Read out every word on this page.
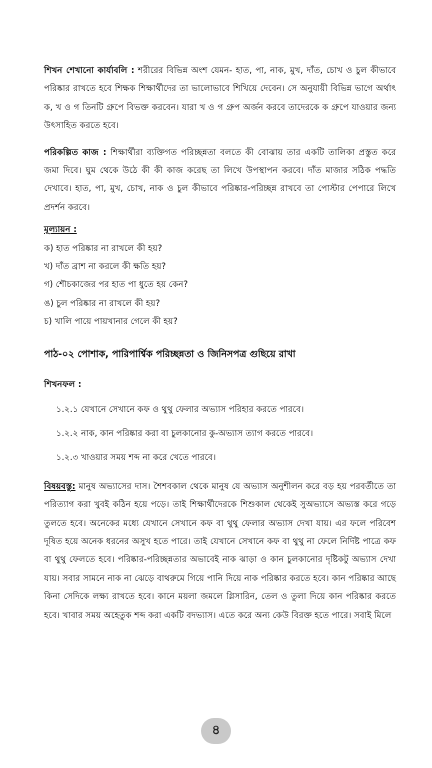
শিখন শেখানো কার্যাবলি : শরীরের বিভিন্ন অংশ যেমন- হাত, পা, নাক, মুখ, দাঁত, চোখ ও চুল কীভাবে পরিষ্কার রাখতে হবে শিক্ষক শিক্ষার্থীদের তা ভালোভাবে শিখিয়ে দেবেন। সে অনুযায়ী বিভিন্ন ভাগে অর্থাৎ ক, খ ও গ তিনটি গ্রুপে বিভক্ত করবেন। যারা খ ও গ গ্রুপ অর্জন করবে তাদেরকে ক গ্রুপে যাওয়ার জন্য উৎসাহিত করতে হবে।

পরিকল্পিত কাজ : শিক্ষার্থীরা ব্যক্তিগত পরিচ্ছন্নতা বলতে কী বোঝায় তার একটি তালিকা প্রস্তুত করে জমা দিবে। ঘুম থেকে উঠে কী কী কাজ করেছ তা লিখে উপস্থাপন করবে। দাঁত মাজার সঠিক পদ্ধতি দেখাবে। হাত, পা, মুখ, চোখ, নাক ও চুল কীভাবে পরিষ্কার-পরিচ্ছন্ন রাখবে তা পোস্টার পেপারে লিখে প্রদর্শন করবে।

মূল্যায়ন :
ক) হাত পরিষ্কার না রাখলে কী হয়?
খ) দাঁত ব্রাশ না করলে কী ক্ষতি হয়?
গ) শৌচকাজের পর হাত পা ধুতে হয় কেন?
ঙ) চুল পরিষ্কার না রাখলে কী হয়?
চ) খালি পায়ে পায়খানার গেলে কী হয়?
পাঠ-০২ পোশাক, পারিপার্শ্বিক পরিচ্ছন্নতা ও জিনিসপত্র গুছিয়ে রাখা
শিখনফল :
১.২.১ যেখানে সেখানে কফ ও থুথু ফেলার অভ্যাস পরিহার করতে পারবে।
১.২.২ নাক, কান পরিষ্কার করা বা চুলকানোর কু-অভ্যাস ত্যাগ করতে পারবে।
১.২.৩ খাওয়ার সময় শব্দ না করে খেতে পারবে।

বিষয়বস্তু: মানুষ অভ্যাসের দাস। শৈশবকাল থেকে মানুষ যে অভ্যাস অনুশীলন করে বড় হয় পরবর্তীতে তা পরিত্যাগ করা খুবই কঠিন হয়ে পড়ে। তাই শিক্ষার্থীদেরকে শিশুকাল থেকেই সুঅভ্যাসে অভ্যস্ত করে গড়ে তুলতে হবে। অনেকের মধ্যে যেখানে সেখানে কফ বা থুথু ফেলার অভ্যাস দেখা যায়। এর ফলে পরিবেশ দূষিত হয়ে অনেক ধরনের অসুখ হতে পারে। তাই যেখানে সেখানে কফ বা থুথু না ফেলে নির্দিষ্ট পাত্রে কফ বা থুথু ফেলতে হবে। পরিষ্কার-পরিচ্ছন্নতার অভাবেই নাক ঝাড়া ও কান চুলকানোর দৃষ্টিকটু অভ্যাস দেখা যায়। সবার সামনে নাক না ঝেড়ে বাথরুমে গিয়ে পানি দিয়ে নাক পরিষ্কার করতে হবে। কান পরিষ্কার আছে কিনা সেদিকে লক্ষ্য রাখতে হবে। কানে ময়লা জমলে গ্লিসারিন, তেল ও তুলা দিয়ে কান পরিষ্কার করতে হবে। খাবার সময় অহেতুক শব্দ করা একটি বদভ্যাস। এতে করে অন্য কেউ বিরক্ত হতে পারে। সবাই মিলে

৪
